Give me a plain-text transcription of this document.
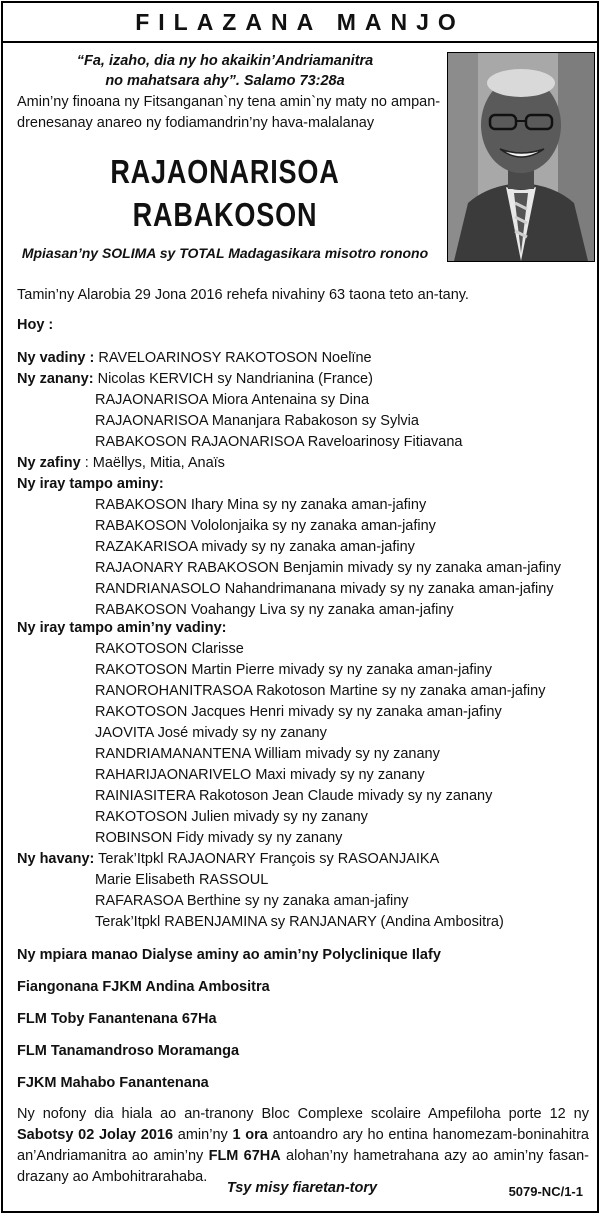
FILAZANA MANJO
“Fa, izaho, dia ny ho akaikin’Andriamanitra
no mahatsara ahy”. Salamo 73:28a
Amin’ny finoana ny Fitsanganan`ny tena amin`ny maty no ampan-
drenesanay anareo ny fodiamandrin’ny hava-malalanay
RAJAONARISOA
RABAKOSON
Mpiasan’ny SOLIMA sy TOTAL Madagasikara misotro ronono
Tamin’ny Alarobia 29 Jona 2016 rehefa nivahiny 63 taona teto an-tany.
Hoy :
Ny vadiny : RAVELOARINOSY RAKOTOSON Noelïne
Ny zanany: Nicolas KERVICH sy Nandrianina (France)
RAJAONARISOA Miora Antenaina sy Dina
RAJAONARISOA Mananjara Rabakoson sy Sylvia
RABAKOSON RAJAONARISOA Raveloarinosy Fitiavana
Ny zafiny : Maëllys, Mitia, Anaïs
Ny iray tampo aminy:
RABAKOSON Ihary Mina sy ny zanaka aman-jafiny
RABAKOSON Vololonjaika sy ny zanaka aman-jafiny
RAZAKARISOA mivady sy ny zanaka aman-jafiny
RAJAONARY RABAKOSON Benjamin mivady sy ny zanaka aman-jafiny
RANDRIANASOLO Nahandrimanana mivady sy ny zanaka aman-jafiny
RABAKOSON Voahangy Liva sy ny zanaka aman-jafiny
Ny iray tampo amin’ny vadiny:
RAKOTOSON Clarisse
RAKOTOSON Martin Pierre mivady sy ny zanaka aman-jafiny
RANOROHANITRASOA Rakotoson Martine sy ny zanaka aman-jafiny
RAKOTOSON Jacques Henri mivady sy ny zanaka aman-jafiny
JAOVITA José mivady sy ny zanany
RANDRIAMANANTENA William mivady sy ny zanany
RAHARIJAONARIVELO Maxi mivady sy ny zanany
RAINIASITERA Rakotoson Jean Claude mivady sy ny zanany
RAKOTOSON Julien mivady sy ny zanany
ROBINSON Fidy mivady sy ny zanany
Ny havany: Terak’Itpkl RAJAONARY François sy RASOANJAIKA
Marie Elisabeth RASSOUL
RAFARASOA Berthine sy ny zanaka aman-jafiny
Terak’Itpkl RABENJAMINA sy RANJANARY (Andina Ambositra)
Ny mpiara manao Dialyse aminy ao amin’ny Polyclinique Ilafy
Fiangonana FJKM Andina Ambositra
FLM Toby Fanantenana 67Ha
FLM Tanamandroso Moramanga
FJKM Mahabo Fanantenana
Ny nofony dia hiala ao an-tranony Bloc Complexe scolaire Ampefiloha porte 12 ny Sabotsy 02 Jolay 2016 amin’ny 1 ora antoandro ary ho entina hanomezam-boninahitra an’Andriamanitra ao amin’ny FLM 67HA alohan’ny hametrahana azy ao amin’ny fasan-drazany ao Ambohitrarahaba.
Tsy misy fiaretan-tory	5079-NC/1-1
